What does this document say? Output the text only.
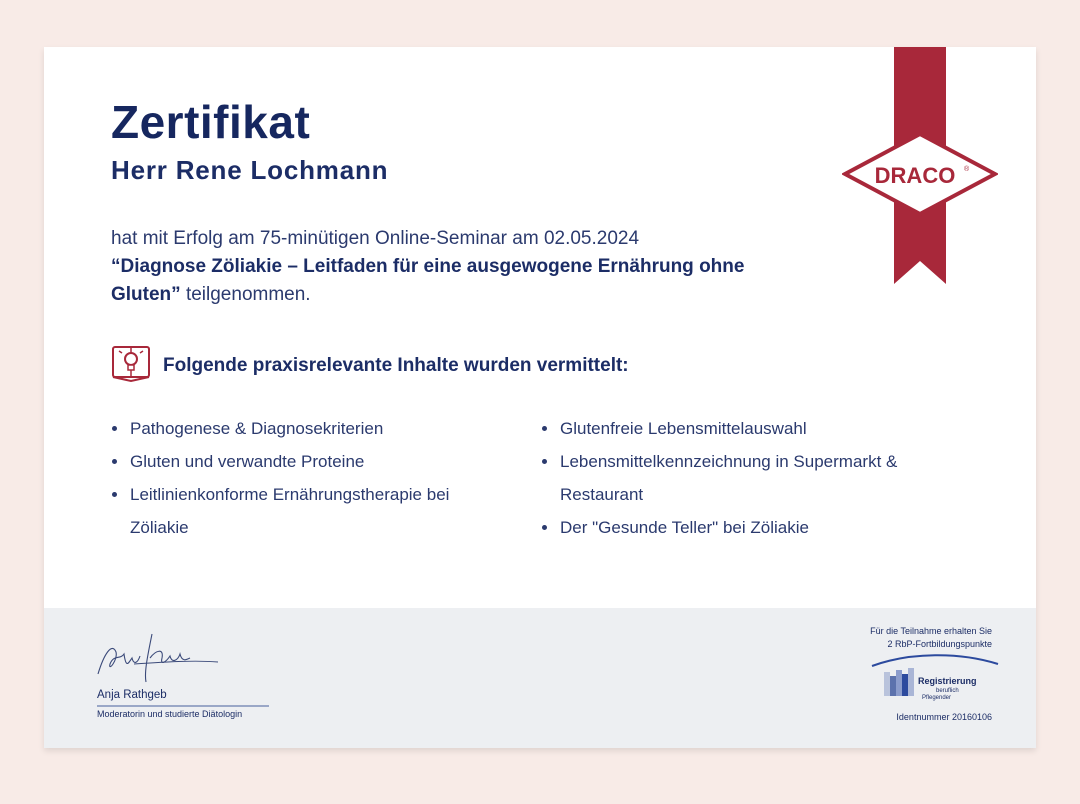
Zertifikat
Herr Rene Lochmann
hat mit Erfolg am 75-minütigen Online-Seminar am 02.05.2024
“Diagnose Zöliakie – Leitfaden für eine ausgewogene Ernährung ohne Gluten” teilgenommen.
DRACO ®
Folgende praxisrelevante Inhalte wurden vermittelt:
Pathogenese & Diagnosekriterien
Gluten und verwandte Proteine
Leitlinienkonforme Ernährungstherapie bei Zöliakie
Glutenfreie Lebensmittelauswahl
Lebensmittelkennzeichnung in Supermarkt & Restaurant
Der "Gesunde Teller" bei Zöliakie
Anja Rathgeb
Moderatorin und studierte Diätologin
Für die Teilnahme erhalten Sie
2 RbP-Fortbildungspunkte
Registrierung
beruflich
Pflegender
Identnummer 20160106
